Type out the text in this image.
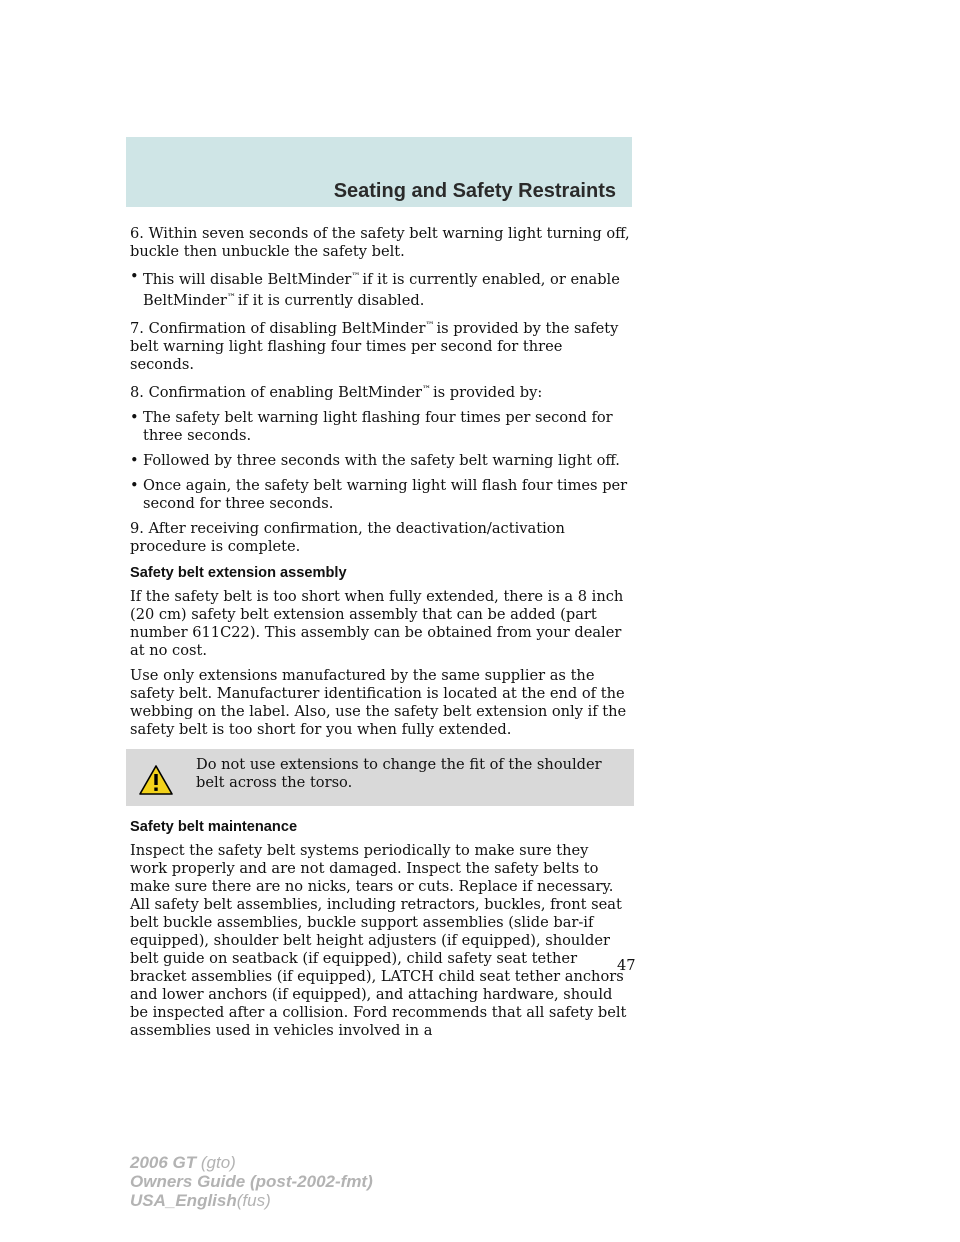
Seating and Safety Restraints

6. Within seven seconds of the safety belt warning light turning off, buckle then unbuckle the safety belt.

• This will disable BeltMinder™ if it is currently enabled, or enable BeltMinder™ if it is currently disabled.

7. Confirmation of disabling BeltMinder™ is provided by the safety belt warning light flashing four times per second for three seconds.

8. Confirmation of enabling BeltMinder™ is provided by:

• The safety belt warning light flashing four times per second for three seconds.
• Followed by three seconds with the safety belt warning light off.
• Once again, the safety belt warning light will flash four times per second for three seconds.

9. After receiving confirmation, the deactivation/activation procedure is complete.

Safety belt extension assembly

If the safety belt is too short when fully extended, there is a 8 inch (20 cm) safety belt extension assembly that can be added (part number 611C22). This assembly can be obtained from your dealer at no cost.

Use only extensions manufactured by the same supplier as the safety belt. Manufacturer identification is located at the end of the webbing on the label. Also, use the safety belt extension only if the safety belt is too short for you when fully extended.

Do not use extensions to change the fit of the shoulder belt across the torso.
Safety belt maintenance

Inspect the safety belt systems periodically to make sure they work properly and are not damaged. Inspect the safety belts to make sure there are no nicks, tears or cuts. Replace if necessary. All safety belt assemblies, including retractors, buckles, front seat belt buckle assemblies, buckle support assemblies (slide bar-if equipped), shoulder belt height adjusters (if equipped), shoulder belt guide on seatback (if equipped), child safety seat tether bracket assemblies (if equipped), LATCH child seat tether anchors and lower anchors (if equipped), and attaching hardware, should be inspected after a collision. Ford recommends that all safety belt assemblies used in vehicles involved in a

47
2006 GT (gto)
Owners Guide (post-2002-fmt)
USA_English(fus)
